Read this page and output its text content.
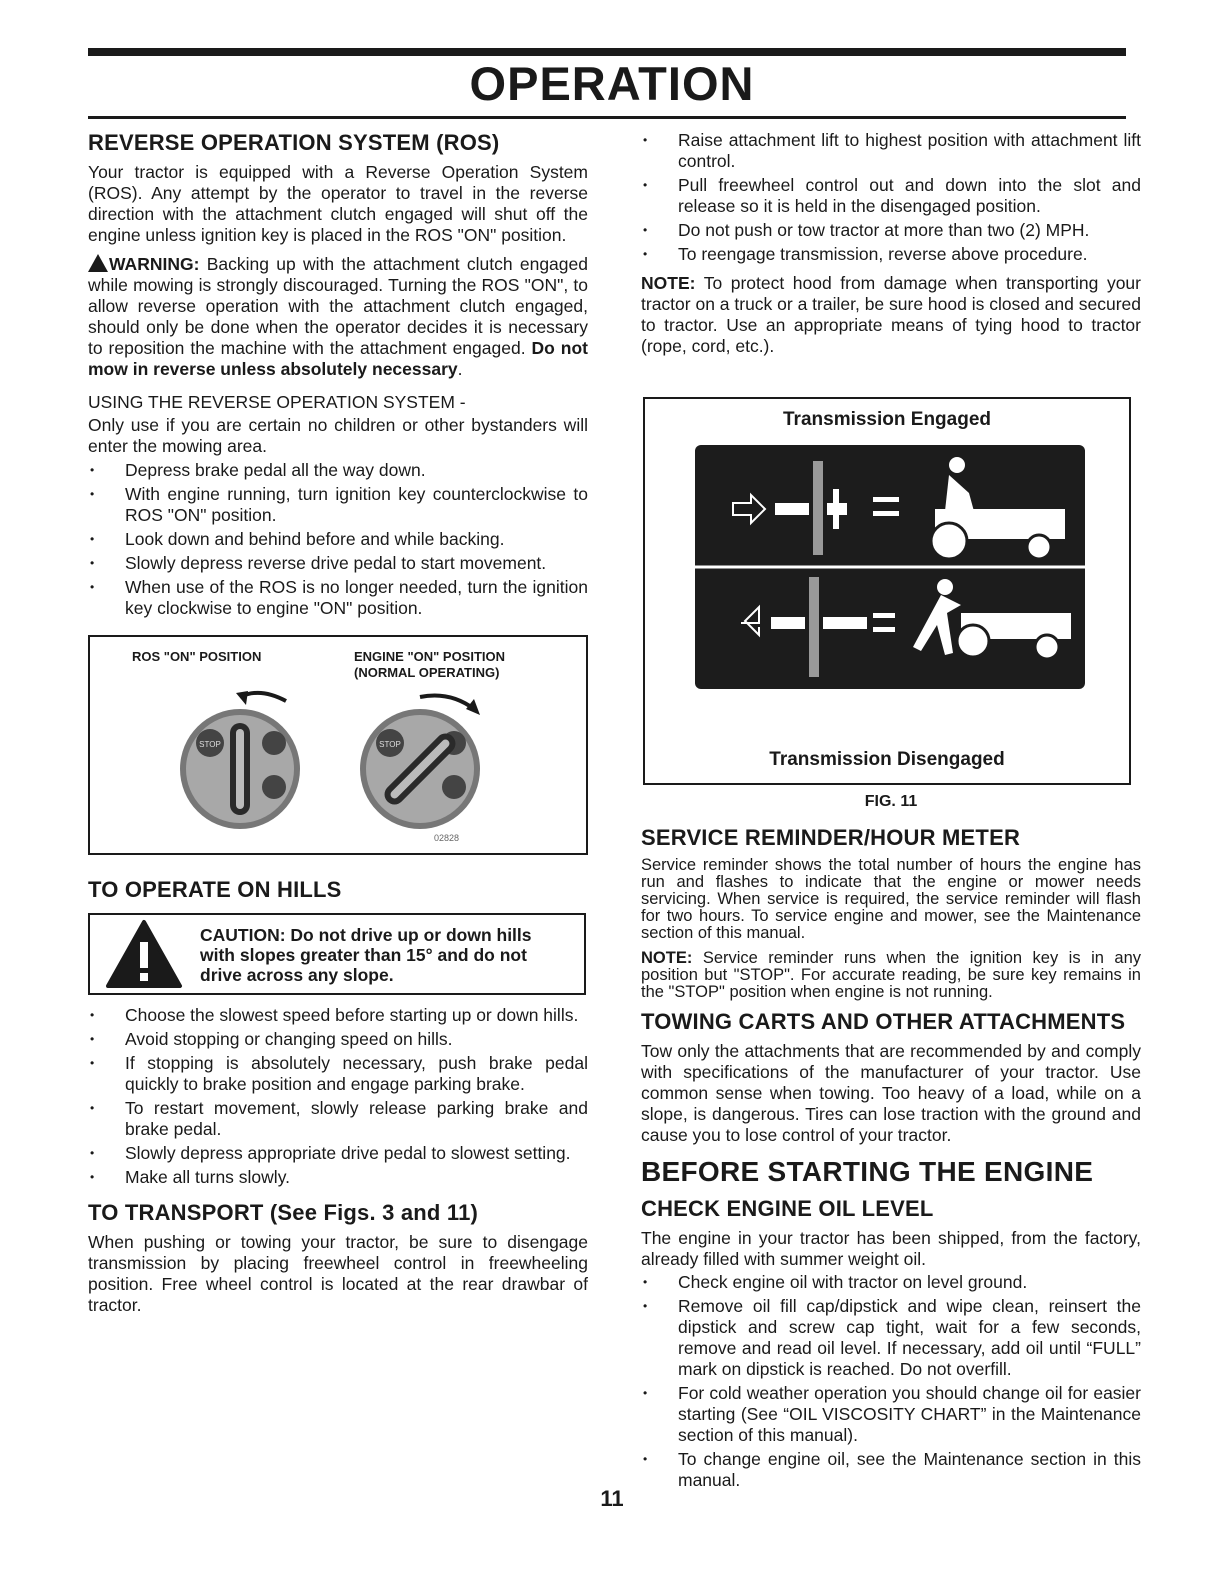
OPERATION
REVERSE OPERATION SYSTEM (ROS)

Your tractor is equipped with a Reverse Operation System (ROS). Any attempt by the operator to travel in the reverse direction with the attachment clutch engaged will shut off the engine unless ignition key is placed in the ROS "ON" position.

WARNING: Backing up with the attachment clutch engaged while mowing is strongly discouraged. Turning the ROS "ON", to allow reverse operation with the attachment clutch engaged, should only be done when the operator decides it is necessary to reposition the machine with the attachment engaged. Do not mow in reverse unless absolutely necessary.

USING THE REVERSE OPERATION SYSTEM -

Only use if you are certain no children or other bystanders will enter the mowing area.

• Depress brake pedal all the way down.
• With engine running, turn ignition key counterclockwise to ROS "ON" position.
• Look down and behind before and while backing.
• Slowly depress reverse drive pedal to start movement.
• When use of the ROS is no longer needed, turn the ignition key clockwise to engine "ON" position.
ROS "ON" POSITION	ENGINE "ON" POSITION
(NORMAL OPERATING)
STOP	STOP
02828
TO OPERATE ON HILLS
CAUTION: Do not drive up or down hills with slopes greater than 15° and do not drive across any slope.
• Choose the slowest speed before starting up or down hills.
• Avoid stopping or changing speed on hills.
• If stopping is absolutely necessary, push brake pedal quickly to brake position and engage parking brake.
• To restart movement, slowly release parking brake and brake pedal.
• Slowly depress appropriate drive pedal to slowest setting.
• Make all turns slowly.
TO TRANSPORT (See Figs. 3 and 11)

When pushing or towing your tractor, be sure to disengage transmission by placing freewheel control in freewheeling position. Free wheel control is located at the rear drawbar of tractor.

• Raise attachment lift to highest position with attachment lift control.
• Pull freewheel control out and down into the slot and release so it is held in the disengaged position.
• Do not push or tow tractor at more than two (2) MPH.
• To reengage transmission, reverse above procedure.

NOTE: To protect hood from damage when transporting your tractor on a truck or a trailer, be sure hood is closed and secured to tractor. Use an appropriate means of tying hood to tractor (rope, cord, etc.).

Transmission Engaged
Transmission Disengaged
FIG. 11
SERVICE REMINDER/HOUR METER

Service reminder shows the total number of hours the engine has run and flashes to indicate that the engine or mower needs servicing. When service is required, the service reminder will flash for two hours. To service engine and mower, see the Maintenance section of this manual.

NOTE: Service reminder runs when the ignition key is in any position but "STOP". For accurate reading, be sure key remains in the "STOP" position when engine is not running.

TOWING CARTS AND OTHER ATTACHMENTS

Tow only the attachments that are recommended by and comply with specifications of the manufacturer of your tractor. Use common sense when towing. Too heavy of a load, while on a slope, is dangerous. Tires can lose traction with the ground and cause you to lose control of your tractor.

BEFORE STARTING THE ENGINE
CHECK ENGINE OIL LEVEL

The engine in your tractor has been shipped, from the factory, already filled with summer weight oil.

• Check engine oil with tractor on level ground.
• Remove oil fill cap/dipstick and wipe clean, reinsert the dipstick and screw cap tight, wait for a few seconds, remove and read oil level. If necessary, add oil until “FULL” mark on dipstick is reached. Do not overfill.
• For cold weather operation you should change oil for easier starting (See “OIL VISCOSITY CHART” in the Maintenance section of this manual).
• To change engine oil, see the Maintenance section in this manual.
11
